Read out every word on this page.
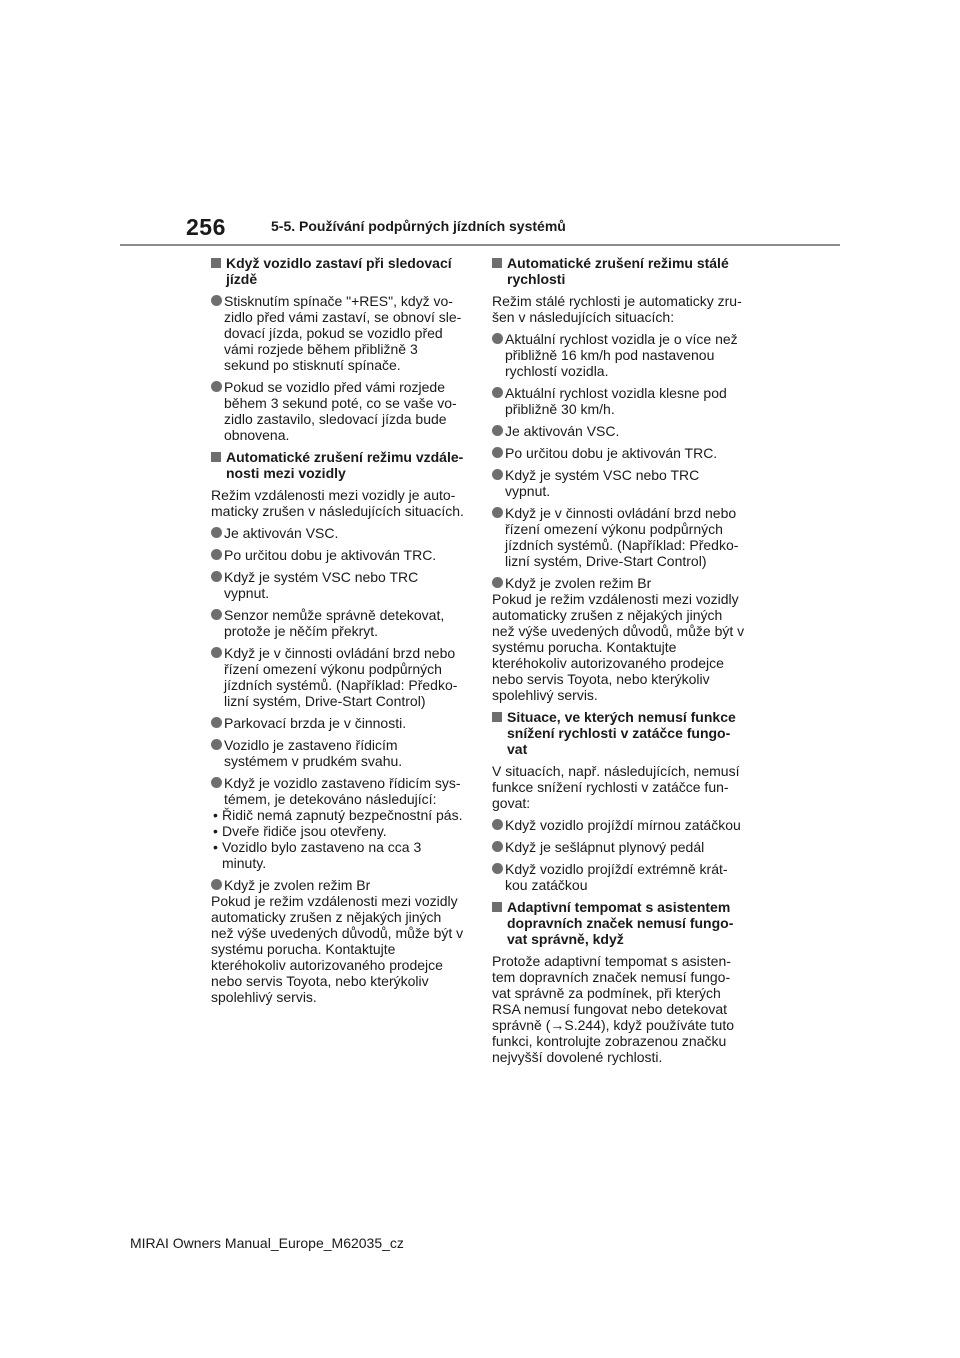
256	5-5. Používání podpůrných jízdních systémů
Když vozidlo zastaví při sledovací jízdě
Stisknutím spínače "+RES", když vo-zidlo před vámi zastaví, se obnoví sle-dovací jízda, pokud se vozidlo před vámi rozjede během přibližně 3 sekund po stisknutí spínače.
Pokud se vozidlo před vámi rozjede během 3 sekund poté, co se vaše vo-zidlo zastavilo, sledovací jízda bude obnovena.
Automatické zrušení režimu vzdále-nosti mezi vozidly
Režim vzdálenosti mezi vozidly je auto-maticky zrušen v následujících situacích.
Je aktivován VSC.
Po určitou dobu je aktivován TRC.
Když je systém VSC nebo TRC vypnut.
Senzor nemůže správně detekovat, protože je něčím překryt.
Když je v činnosti ovládání brzd nebo řízení omezení výkonu podpůrných jízdních systémů. (Například: Předko-lizní systém, Drive-Start Control)
Parkovací brzda je v činnosti.
Vozidlo je zastaveno řídicím systémem v prudkém svahu.
Když je vozidlo zastaveno řídicím sys-témem, je detekováno následující:
• Řidič nemá zapnutý bezpečnostní pás.
• Dveře řidiče jsou otevřeny.
• Vozidlo bylo zastaveno na cca 3 minuty.
Když je zvolen režim Br
Pokud je režim vzdálenosti mezi vozidly automaticky zrušen z nějakých jiných než výše uvedených důvodů, může být v systému porucha. Kontaktujte kteréhokoliv autorizovaného prodejce nebo servis Toyota, nebo kterýkoliv spolehlivý servis.
Automatické zrušení režimu stálé rychlosti
Režim stálé rychlosti je automaticky zru-šen v následujících situacích:
Aktuální rychlost vozidla je o více než přibližně 16 km/h pod nastavenou rychlostí vozidla.
Aktuální rychlost vozidla klesne pod přibližně 30 km/h.
Je aktivován VSC.
Po určitou dobu je aktivován TRC.
Když je systém VSC nebo TRC vypnut.
Když je v činnosti ovládání brzd nebo řízení omezení výkonu podpůrných jízdních systémů. (Například: Předko-lizní systém, Drive-Start Control)
Když je zvolen režim Br
Pokud je režim vzdálenosti mezi vozidly automaticky zrušen z nějakých jiných než výše uvedených důvodů, může být v systému porucha. Kontaktujte kteréhokoliv autorizovaného prodejce nebo servis Toyota, nebo kterýkoliv spolehlivý servis.
Situace, ve kterých nemusí funkce snížení rychlosti v zatáčce fungo-vat
V situacích, např. následujících, nemusí funkce snížení rychlosti v zatáčce fun-govat:
Když vozidlo projíždí mírnou zatáčkou
Když je sešlápnut plynový pedál
Když vozidlo projíždí extrémně krát-kou zatáčkou
Adaptivní tempomat s asistentem dopravních značek nemusí fungo-vat správně, když
Protože adaptivní tempomat s asisten-tem dopravních značek nemusí fungo-vat správně za podmínek, při kterých RSA nemusí fungovat nebo detekovat správně (→S.244), když používáte tuto funkci, kontrolujte zobrazenou značku nejvyšší dovolené rychlosti.
MIRAI Owners Manual_Europe_M62035_cz
